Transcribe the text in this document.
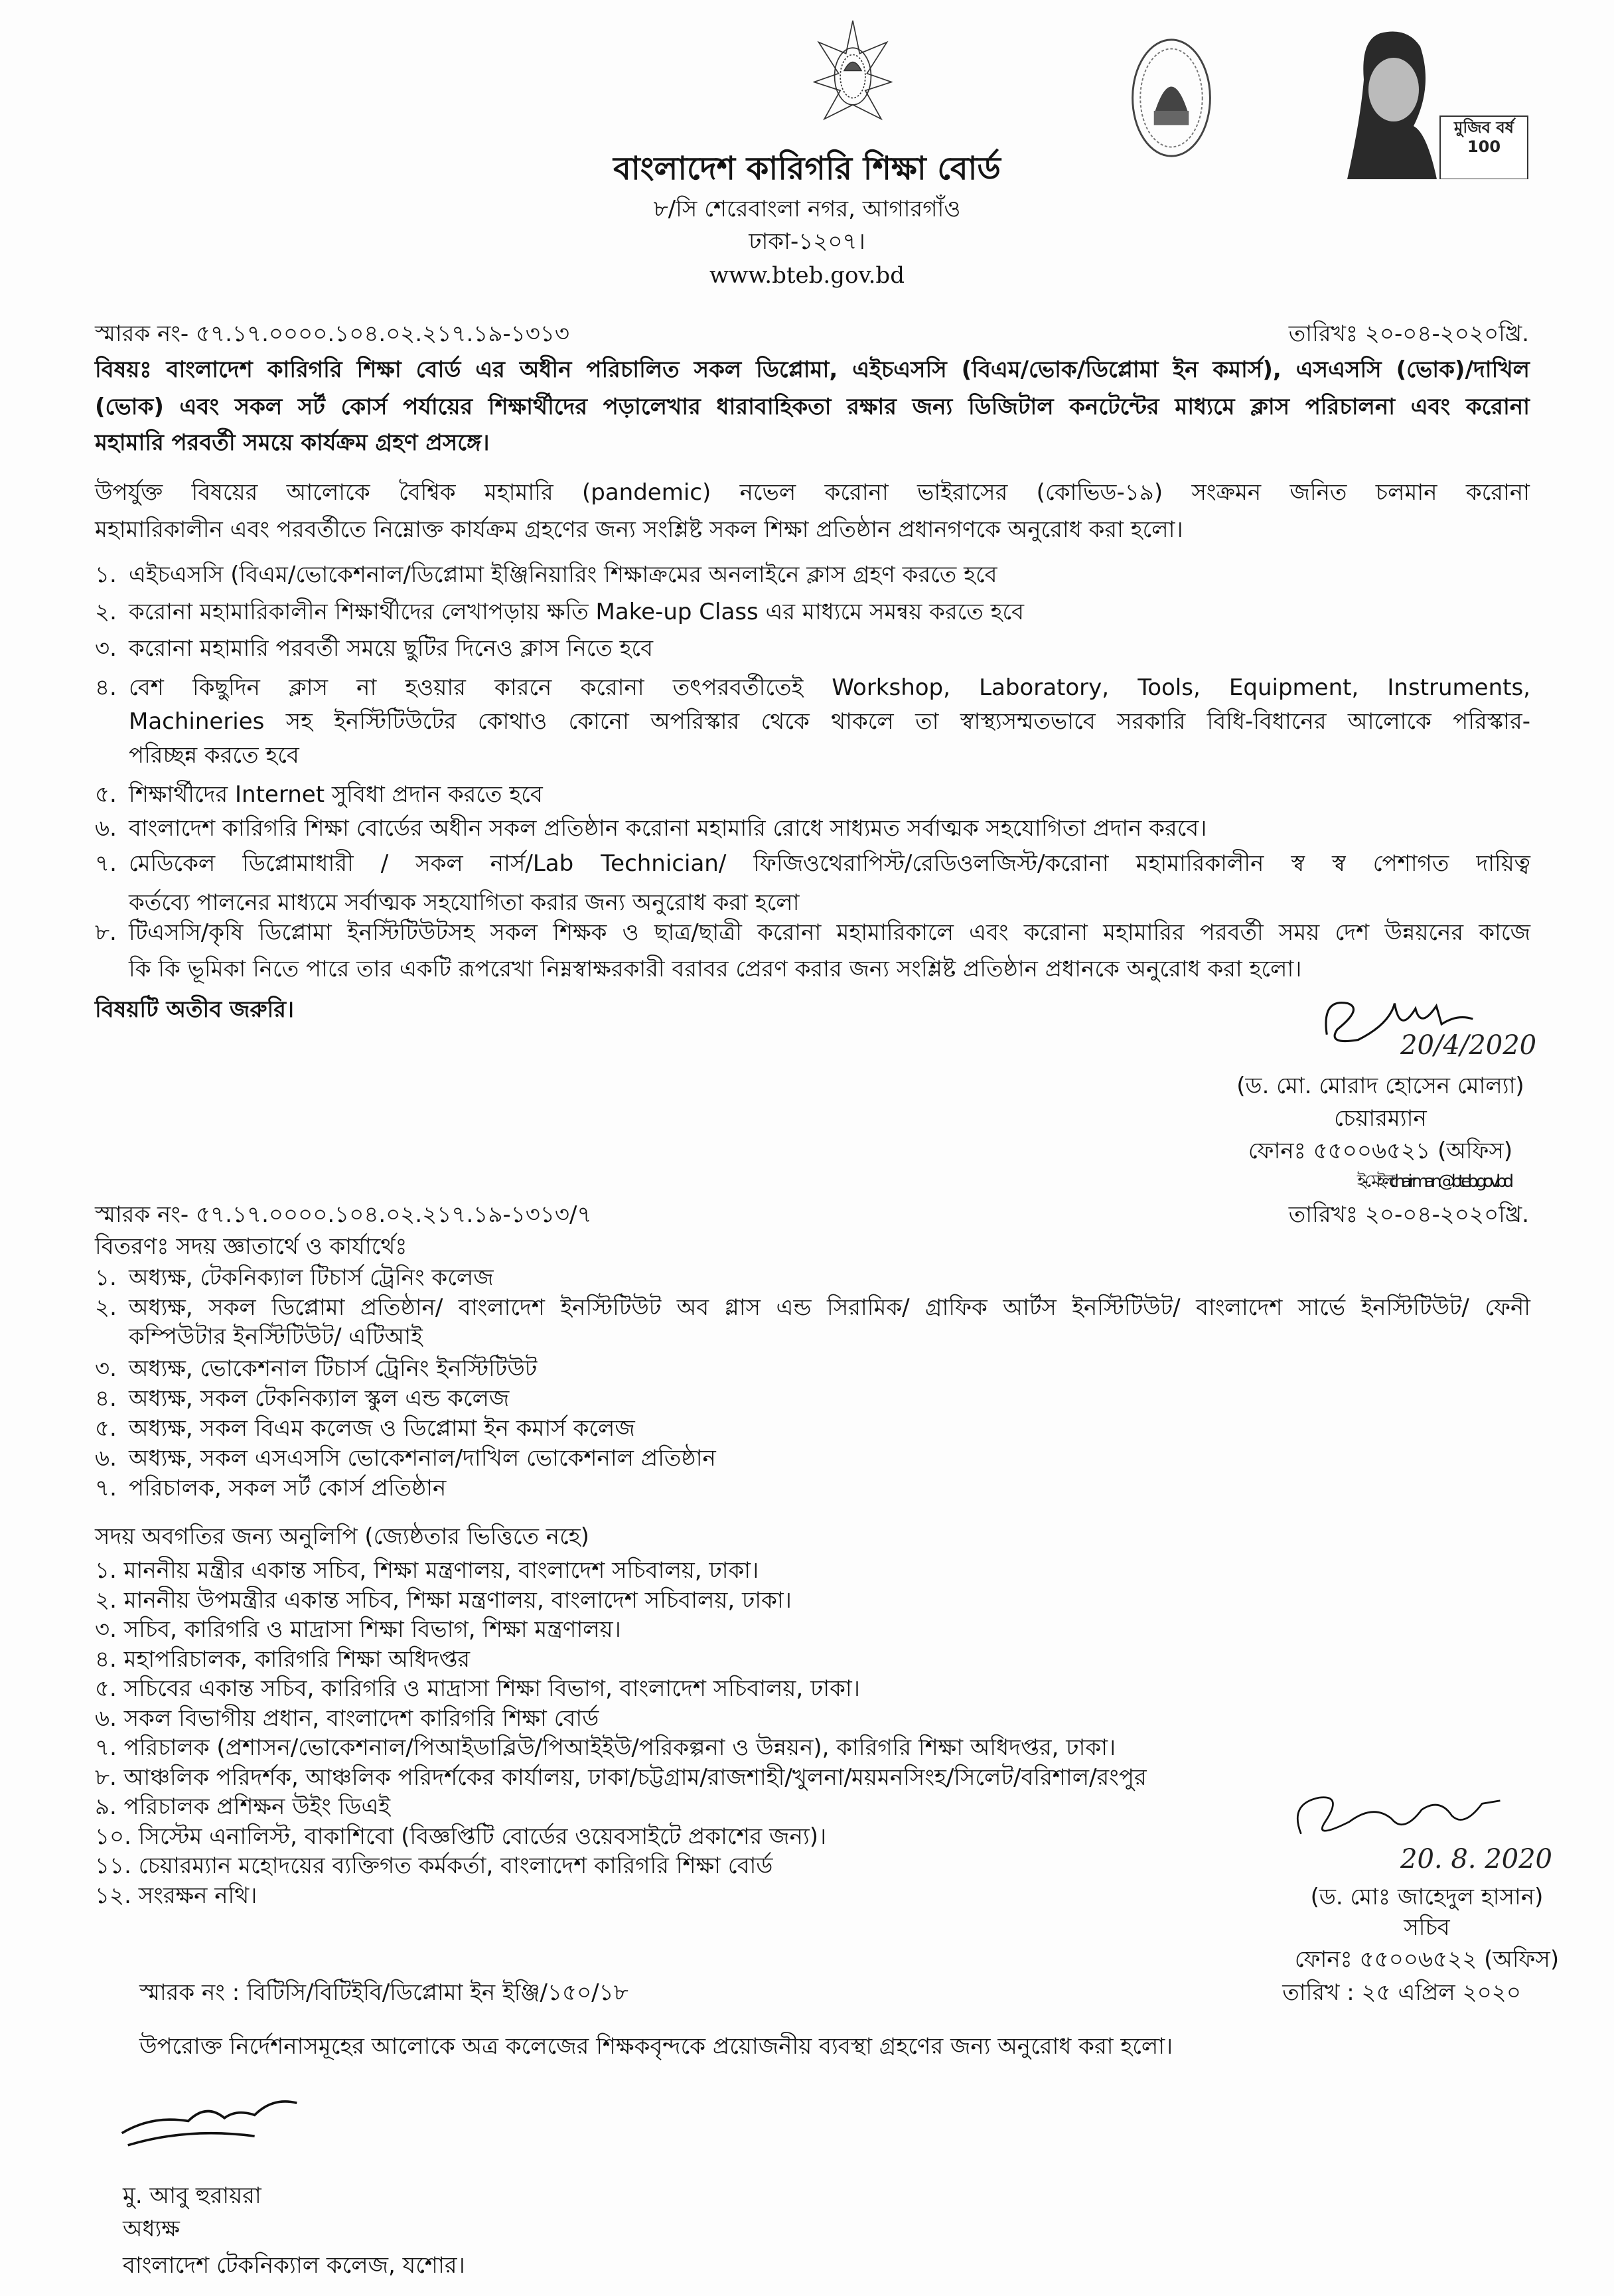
মুজিব বর্ষ 100
বাংলাদেশ কারিগরি শিক্ষা বোর্ড
৮/সি শেরেবাংলা নগর, আগারগাঁও
ঢাকা-১২০৭।
www.bteb.gov.bd
স্মারক নং- ৫৭.১৭.০০০০.১০৪.০২.২১৭.১৯-১৩১৩	তারিখঃ ২০-০৪-২০২০খ্রি.
বিষয়ঃ বাংলাদেশ কারিগরি শিক্ষা বোর্ড এর অধীন পরিচালিত সকল ডিপ্লোমা, এইচএসসি (বিএম/ভোক/ডিপ্লোমা ইন কমার্স), এসএসসি (ভোক)/দাখিল
(ভোক) এবং সকল সর্ট কোর্স পর্যায়ের শিক্ষার্থীদের পড়ালেখার ধারাবাহিকতা রক্ষার জন্য ডিজিটাল কনটেন্টের মাধ্যমে ক্লাস পরিচালনা এবং করোনা
মহামারি পরবর্তী সময়ে কার্যক্রম গ্রহণ প্রসঙ্গে।
উপর্যুক্ত বিষয়ের আলোকে বৈশ্বিক মহামারি (pandemic) নভেল করোনা ভাইরাসের (কোভিড-১৯) সংক্রমন জনিত চলমান করোনা
মহামারিকালীন এবং পরবর্তীতে নিম্নোক্ত কার্যক্রম গ্রহণের জন্য সংশ্লিষ্ট সকল শিক্ষা প্রতিষ্ঠান প্রধানগণকে অনুরোধ করা হলো।
১. এইচএসসি (বিএম/ভোকেশনাল/ডিপ্লোমা ইঞ্জিনিয়ারিং শিক্ষাক্রমের অনলাইনে ক্লাস গ্রহণ করতে হবে
২. করোনা মহামারিকালীন শিক্ষার্থীদের লেখাপড়ায় ক্ষতি Make-up Class এর মাধ্যমে সমন্বয় করতে হবে
৩. করোনা মহামারি পরবর্তী সময়ে ছুটির দিনেও ক্লাস নিতে হবে
৪. বেশ কিছুদিন ক্লাস না হওয়ার কারনে করোনা তৎপরবর্তীতেই Workshop, Laboratory, Tools, Equipment, Instruments,
Machineries সহ ইনস্টিটিউটের কোথাও কোনো অপরিস্কার থেকে থাকলে তা স্বাস্থ্যসম্মতভাবে সরকারি বিধি-বিধানের আলোকে পরিস্কার-
পরিচ্ছন্ন করতে হবে
৫. শিক্ষার্থীদের Internet সুবিধা প্রদান করতে হবে
৬. বাংলাদেশ কারিগরি শিক্ষা বোর্ডের অধীন সকল প্রতিষ্ঠান করোনা মহামারি রোধে সাধ্যমত সর্বাত্মক সহযোগিতা প্রদান করবে।
৭. মেডিকেল ডিপ্লোমাধারী / সকল নার্স/Lab Technician/ ফিজিওথেরাপিস্ট/রেডিওলজিস্ট/করোনা মহামারিকালীন স্ব স্ব পেশাগত দায়িত্ব
কর্তব্যে পালনের মাধ্যমে সর্বাত্মক সহযোগিতা করার জন্য অনুরোধ করা হলো
৮. টিএসসি/কৃষি ডিপ্লোমা ইনস্টিটিউটসহ সকল শিক্ষক ও ছাত্র/ছাত্রী করোনা মহামারিকালে এবং করোনা মহামারির পরবর্তী সময় দেশ উন্নয়নের কাজে
কি কি ভূমিকা নিতে পারে তার একটি রূপরেখা নিম্নস্বাক্ষরকারী বরাবর প্রেরণ করার জন্য সংশ্লিষ্ট প্রতিষ্ঠান প্রধানকে অনুরোধ করা হলো।
বিষয়টি অতীব জরুরি।
(ড. মো. মোরাদ হোসেন মোল্যা)
চেয়ারম্যান
ফোনঃ ৫৫০০৬৫২১ (অফিস)
ই-মেইল: chairman@bteb.gov.bd
স্মারক নং- ৫৭.১৭.০০০০.১০৪.০২.২১৭.১৯-১৩১৩/৭	তারিখঃ ২০-০৪-২০২০খ্রি.
বিতরণঃ সদয় জ্ঞাতার্থে ও কার্যার্থেঃ
১. অধ্যক্ষ, টেকনিক্যাল টিচার্স ট্রেনিং কলেজ
২. অধ্যক্ষ, সকল ডিপ্লোমা প্রতিষ্ঠান/ বাংলাদেশ ইনস্টিটিউট অব গ্লাস এন্ড সিরামিক/ গ্রাফিক আর্টস ইনস্টিটিউট/ বাংলাদেশ সার্ভে ইনস্টিটিউট/ ফেনী
কম্পিউটার ইনস্টিটিউট/ এটিআই
৩. অধ্যক্ষ, ভোকেশনাল টিচার্স ট্রেনিং ইনস্টিটিউট
৪. অধ্যক্ষ, সকল টেকনিক্যাল স্কুল এন্ড কলেজ
৫. অধ্যক্ষ, সকল বিএম কলেজ ও ডিপ্লোমা ইন কমার্স কলেজ
৬. অধ্যক্ষ, সকল এসএসসি ভোকেশনাল/দাখিল ভোকেশনাল প্রতিষ্ঠান
৭. পরিচালক, সকল সর্ট কোর্স প্রতিষ্ঠান
সদয় অবগতির জন্য অনুলিপি (জ্যেষ্ঠতার ভিত্তিতে নহে)
১. মাননীয় মন্ত্রীর একান্ত সচিব, শিক্ষা মন্ত্রণালয়, বাংলাদেশ সচিবালয়, ঢাকা।
২. মাননীয় উপমন্ত্রীর একান্ত সচিব, শিক্ষা মন্ত্রণালয়, বাংলাদেশ সচিবালয়, ঢাকা।
৩. সচিব, কারিগরি ও মাদ্রাসা শিক্ষা বিভাগ, শিক্ষা মন্ত্রণালয়।
৪. মহাপরিচালক, কারিগরি শিক্ষা অধিদপ্তর
৫. সচিবের একান্ত সচিব, কারিগরি ও মাদ্রাসা শিক্ষা বিভাগ, বাংলাদেশ সচিবালয়, ঢাকা।
৬. সকল বিভাগীয় প্রধান, বাংলাদেশ কারিগরি শিক্ষা বোর্ড
৭. পরিচালক (প্রশাসন/ভোকেশনাল/পিআইডাব্লিউ/পিআইইউ/পরিকল্পনা ও উন্নয়ন), কারিগরি শিক্ষা অধিদপ্তর, ঢাকা।
৮. আঞ্চলিক পরিদর্শক, আঞ্চলিক পরিদর্শকের কার্যালয়, ঢাকা/চট্টগ্রাম/রাজশাহী/খুলনা/ময়মনসিংহ/সিলেট/বরিশাল/রংপুর
৯. পরিচালক প্রশিক্ষন উইং ডিএই
১০. সিস্টেম এনালিস্ট, বাকাশিবো (বিজ্ঞপ্তিটি বোর্ডের ওয়েবসাইটে প্রকাশের জন্য)।
১১. চেয়ারম্যান মহোদয়ের ব্যক্তিগত কর্মকর্তা, বাংলাদেশ কারিগরি শিক্ষা বোর্ড
১২. সংরক্ষন নথি।	(ড. মোঃ জাহেদুল হাসান)
সচিব
ফোনঃ ৫৫০০৬৫২২ (অফিস)
স্মারক নং : বিটিসি/বিটিইবি/ডিপ্লোমা ইন ইঞ্জি/১৫০/১৮	তারিখ : ২৫ এপ্রিল ২০২০
উপরোক্ত নির্দেশনাসমূহের আলোকে অত্র কলেজের শিক্ষকবৃন্দকে প্রয়োজনীয় ব্যবস্থা গ্রহণের জন্য অনুরোধ করা হলো।
মু. আবু হুরায়রা
অধ্যক্ষ
বাংলাদেশ টেকনিক্যাল কলেজ, যশোর।
20/4/2020
20. 8. 2020
